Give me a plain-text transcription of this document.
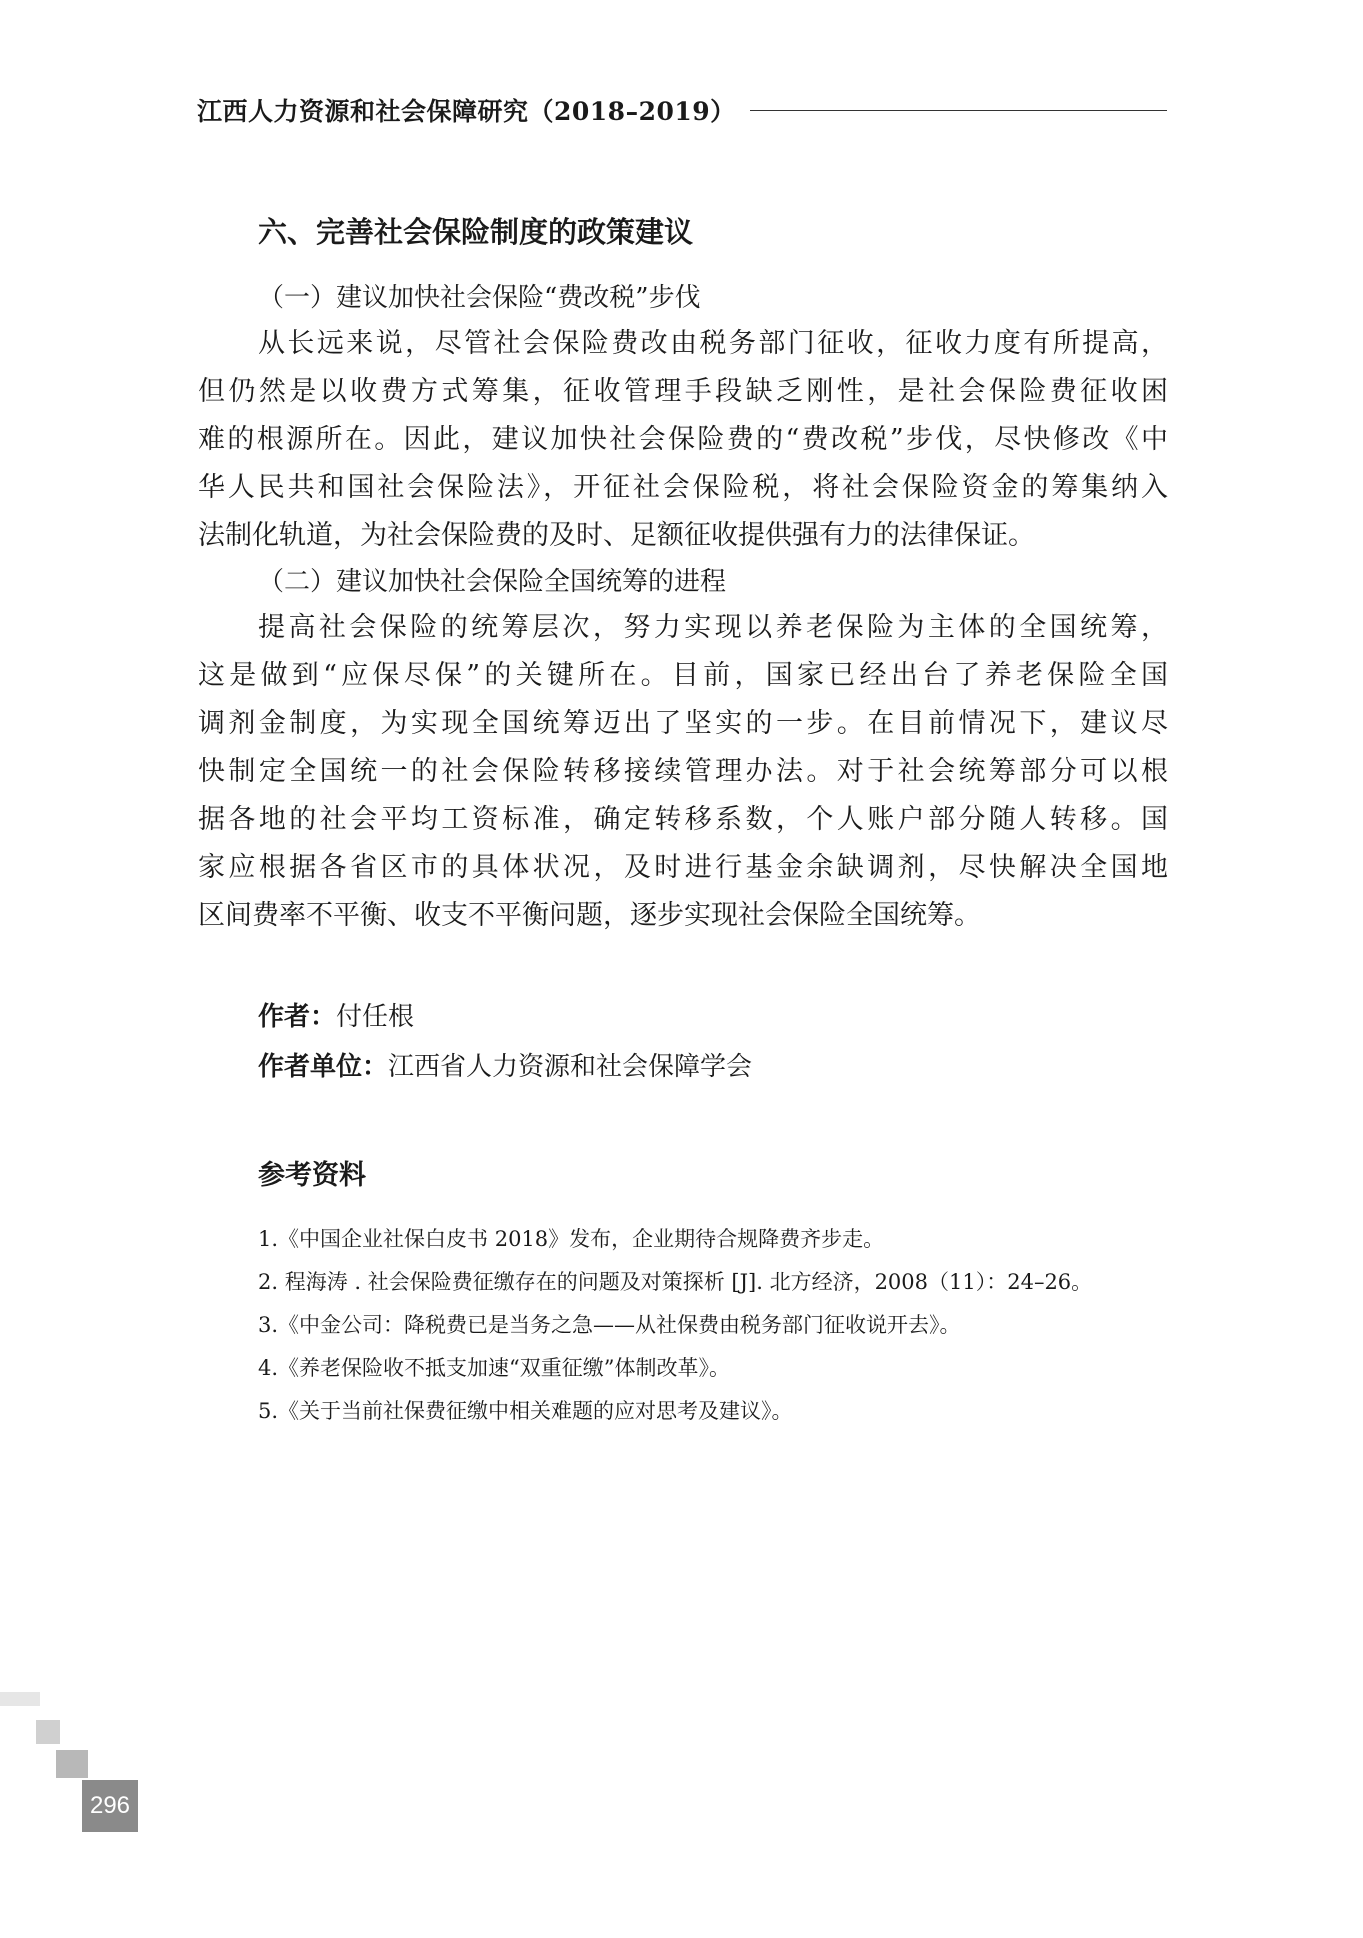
江西人力资源和社会保障研究（2018–2019）
六、完善社会保险制度的政策建议
（一）建议加快社会保险“费改税”步伐
从长远来说，尽管社会保险费改由税务部门征收，征收力度有所提高，
但仍然是以收费方式筹集，征收管理手段缺乏刚性，是社会保险费征收困
难的根源所在。因此，建议加快社会保险费的“费改税”步伐，尽快修改《中
华人民共和国社会保险法》，开征社会保险税，将社会保险资金的筹集纳入
法制化轨道，为社会保险费的及时、足额征收提供强有力的法律保证。
（二）建议加快社会保险全国统筹的进程
提高社会保险的统筹层次，努力实现以养老保险为主体的全国统筹，
这是做到“应保尽保”的关键所在。目前，国家已经出台了养老保险全国
调剂金制度，为实现全国统筹迈出了坚实的一步。在目前情况下，建议尽
快制定全国统一的社会保险转移接续管理办法。对于社会统筹部分可以根
据各地的社会平均工资标准，确定转移系数，个人账户部分随人转移。国
家应根据各省区市的具体状况，及时进行基金余缺调剂，尽快解决全国地
区间费率不平衡、收支不平衡问题，逐步实现社会保险全国统筹。
作者：付任根
作者单位：江西省人力资源和社会保障学会
参考资料
1.《中国企业社保白皮书 2018》发布，企业期待合规降费齐步走。
2. 程海涛 . 社会保险费征缴存在的问题及对策探析 [J]. 北方经济，2008（11）：24–26。
3.《中金公司：降税费已是当务之急——从社保费由税务部门征收说开去》。
4.《养老保险收不抵支加速“双重征缴”体制改革》。
5.《关于当前社保费征缴中相关难题的应对思考及建议》。
296
